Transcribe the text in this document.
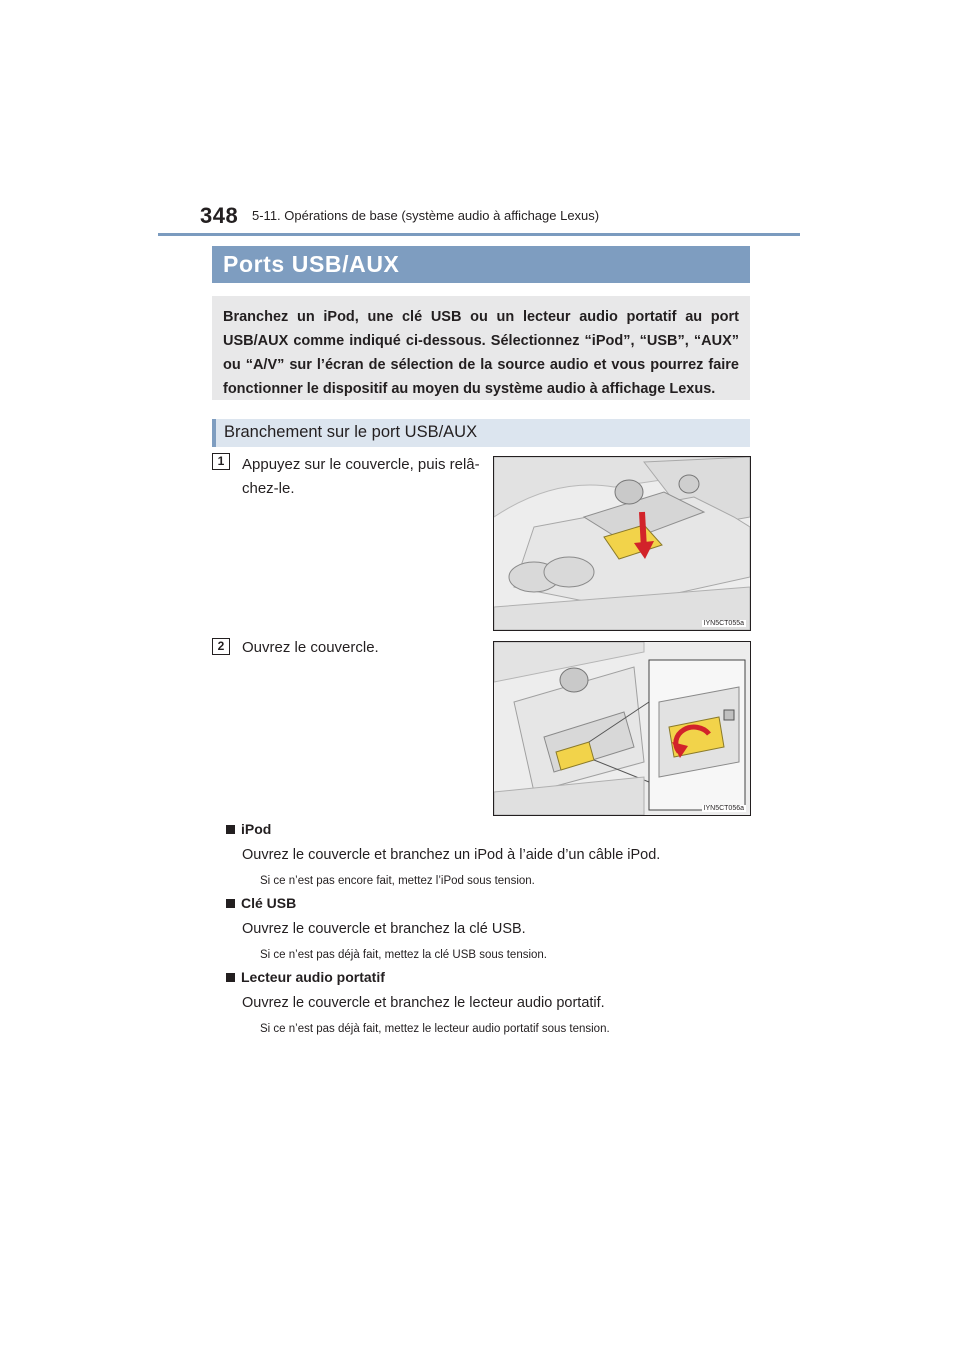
348 5-11. Opérations de base (système audio à affichage Lexus)
Ports USB/AUX
Branchez un iPod, une clé USB ou un lecteur audio portatif au port USB/AUX comme indiqué ci-dessous. Sélectionnez “iPod”, “USB”, “AUX” ou “A/V” sur l’écran de sélection de la source audio et vous pourrez faire fonctionner le dispositif au moyen du système audio à affichage Lexus.
Branchement sur le port USB/AUX
1	Appuyez sur le couvercle, puis relâ-
chez-le.
IYN5CT055a
2	Ouvrez le couvercle.
IYN5CT056a
iPod
Ouvrez le couvercle et branchez un iPod à l’aide d’un câble iPod.
Si ce n’est pas encore fait, mettez l’iPod sous tension.
Clé USB
Ouvrez le couvercle et branchez la clé USB.
Si ce n’est pas déjà fait, mettez la clé USB sous tension.
Lecteur audio portatif
Ouvrez le couvercle et branchez le lecteur audio portatif.
Si ce n’est pas déjà fait, mettez le lecteur audio portatif sous tension.
